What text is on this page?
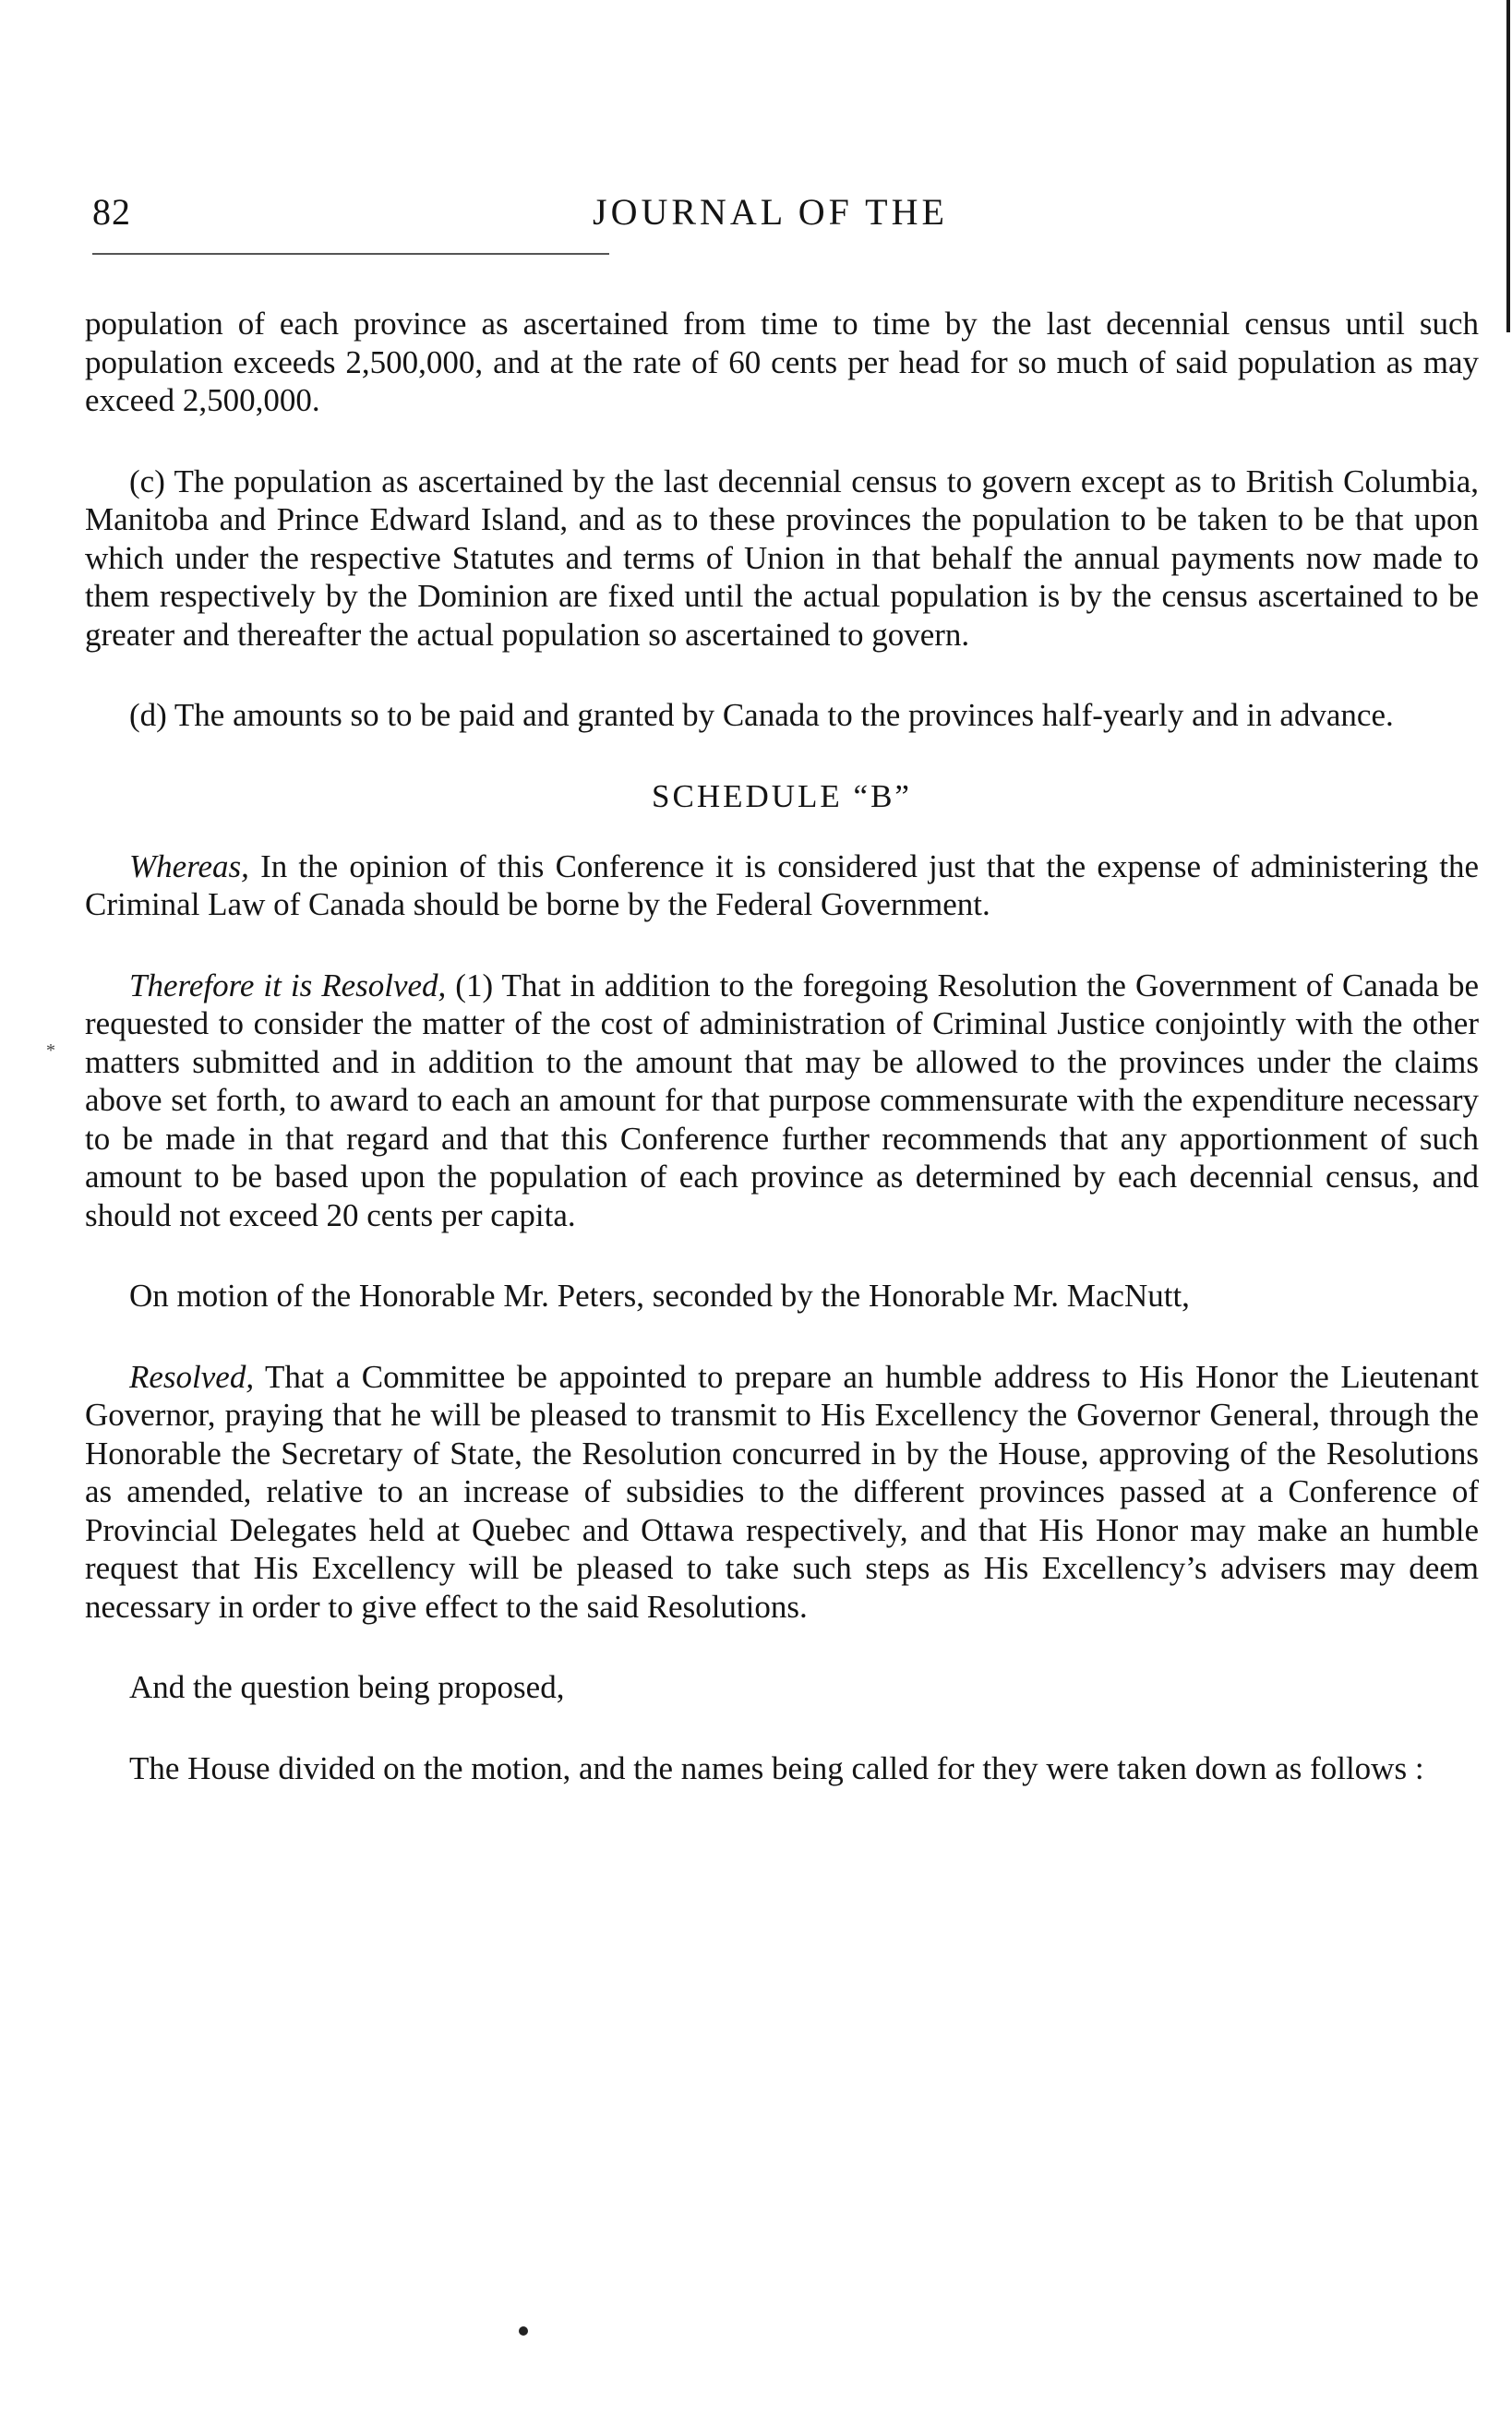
82	JOURNAL OF THE
*

population of each province as ascertained from time to time by the last decennial census until such population exceeds 2,500,000, and at the rate of 60 cents per head for so much of said population as may exceed 2,500,000.

(c) The population as ascertained by the last decennial census to govern except as to British Columbia, Manitoba and Prince Edward Island, and as to these provinces the population to be taken to be that upon which under the respective Statutes and terms of Union in that behalf the annual payments now made to them respectively by the Dominion are fixed until the actual population is by the census ascertained to be greater and thereafter the actual population so ascertained to govern.

(d) The amounts so to be paid and granted by Canada to the provinces half-yearly and in advance.

SCHEDULE “B”

Whereas, In the opinion of this Conference it is considered just that the expense of administering the Criminal Law of Canada should be borne by the Federal Government.

Therefore it is Resolved, (1) That in addition to the foregoing Resolution the Government of Canada be requested to consider the matter of the cost of administration of Criminal Justice conjointly with the other matters submitted and in addition to the amount that may be allowed to the provinces under the claims above set forth, to award to each an amount for that purpose commensurate with the expenditure necessary to be made in that regard and that this Conference further recommends that any apportionment of such amount to be based upon the population of each province as determined by each decennial census, and should not exceed 20 cents per capita.

On motion of the Honorable Mr. Peters, seconded by the Honorable Mr. MacNutt,

Resolved, That a Committee be appointed to prepare an humble address to His Honor the Lieutenant Governor, praying that he will be pleased to transmit to His Excellency the Governor General, through the Honorable the Secretary of State, the Resolution concurred in by the House, approving of the Resolutions as amended, relative to an increase of subsidies to the different provinces passed at a Conference of Provincial Delegates held at Quebec and Ottawa respectively, and that His Honor may make an humble request that His Excellency will be pleased to take such steps as His Excellency’s advisers may deem necessary in order to give effect to the said Resolutions.

And the question being proposed,

The House divided on the motion, and the names being called for they were taken down as follows :
